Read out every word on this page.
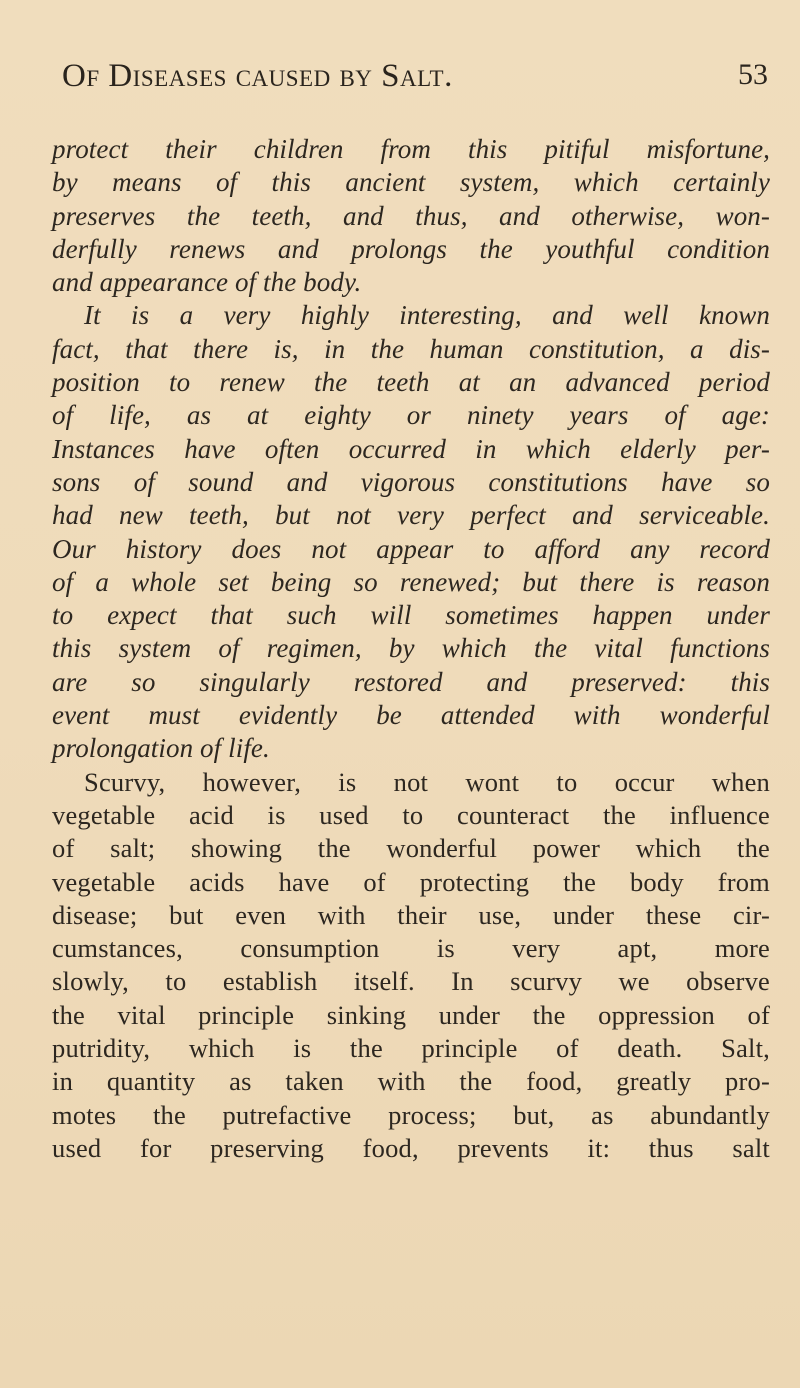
Of Diseases caused by Salt.	53
protect their children from this pitiful misfortune,
by means of this ancient system, which certainly
preserves the teeth, and thus, and otherwise, won-
derfully renews and prolongs the youthful condition
and appearance of the body.
It is a very highly interesting, and well known
fact, that there is, in the human constitution, a dis-
position to renew the teeth at an advanced period
of life, as at eighty or ninety years of age:
Instances have often occurred in which elderly per-
sons of sound and vigorous constitutions have so
had new teeth, but not very perfect and serviceable.
Our history does not appear to afford any record
of a whole set being so renewed; but there is reason
to expect that such will sometimes happen under
this system of regimen, by which the vital functions
are so singularly restored and preserved: this
event must evidently be attended with wonderful
prolongation of life.
Scurvy, however, is not wont to occur when
vegetable acid is used to counteract the influence
of salt; showing the wonderful power which the
vegetable acids have of protecting the body from
disease; but even with their use, under these cir-
cumstances, consumption is very apt, more
slowly, to establish itself. In scurvy we observe
the vital principle sinking under the oppression of
putridity, which is the principle of death. Salt,
in quantity as taken with the food, greatly pro-
motes the putrefactive process; but, as abundantly
used for preserving food, prevents it: thus salt
